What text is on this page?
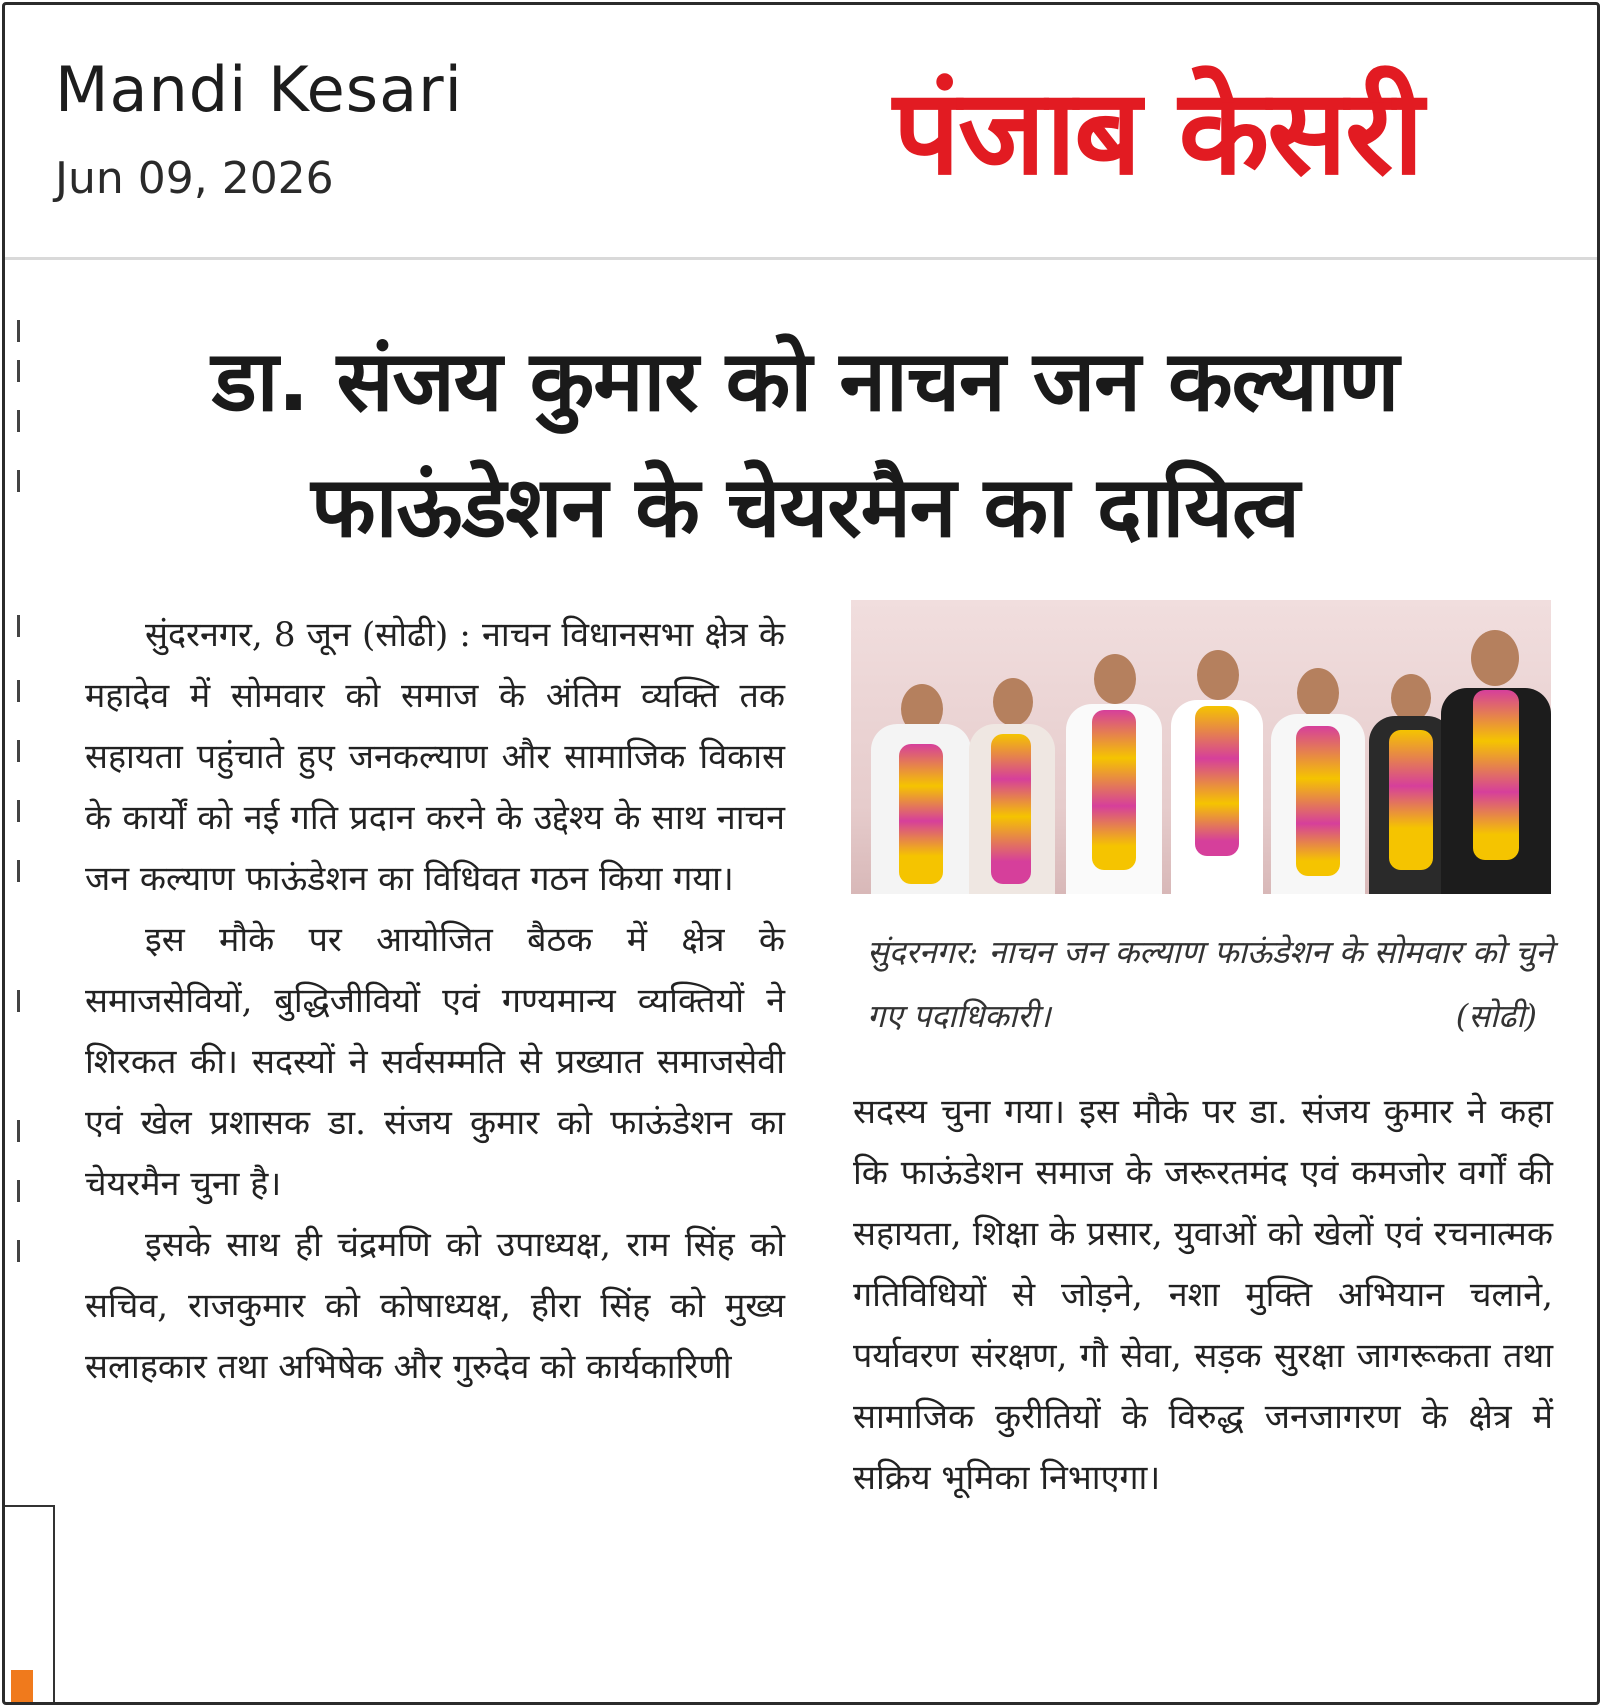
Mandi Kesari
Jun 09, 2026	पंजाब केसरी
डा. संजय कुमार को नाचन जन कल्याण
फाऊंडेशन के चेयरमैन का दायित्व

सुंदरनगर, 8 जून (सोढी) : नाचन विधानसभा क्षेत्र के महादेव में सोमवार को समाज के अंतिम व्यक्ति तक सहायता पहुंचाते हुए जनकल्याण और सामाजिक विकास के कार्यों को नई गति प्रदान करने के उद्देश्य के साथ नाचन जन कल्याण फाऊंडेशन का विधिवत गठन किया गया।

इस मौके पर आयोजित बैठक में क्षेत्र के समाजसेवियों, बुद्धिजीवियों एवं गण्यमान्य व्यक्तियों ने शिरकत की। सदस्यों ने सर्वसम्मति से प्रख्यात समाजसेवी एवं खेल प्रशासक डा. संजय कुमार को फाऊंडेशन का चेयरमैन चुना है।

इसके साथ ही चंद्रमणि को उपाध्यक्ष, राम सिंह को सचिव, राजकुमार को कोषाध्यक्ष, हीरा सिंह को मुख्य सलाहकार तथा अभिषेक और गुरुदेव को कार्यकारिणी

सुंदरनगर: नाचन जन कल्याण फाऊंडेशन के सोमवार को चुने गए पदाधिकारी।	(सोढी)

सदस्य चुना गया। इस मौके पर डा. संजय कुमार ने कहा कि फाऊंडेशन समाज के जरूरतमंद एवं कमजोर वर्गों की सहायता, शिक्षा के प्रसार, युवाओं को खेलों एवं रचनात्मक गतिविधियों से जोड़ने, नशा मुक्ति अभियान चलाने, पर्यावरण संरक्षण, गौ सेवा, सड़क सुरक्षा जागरूकता तथा सामाजिक कुरीतियों के विरुद्ध जनजागरण के क्षेत्र में सक्रिय भूमिका निभाएगा।
